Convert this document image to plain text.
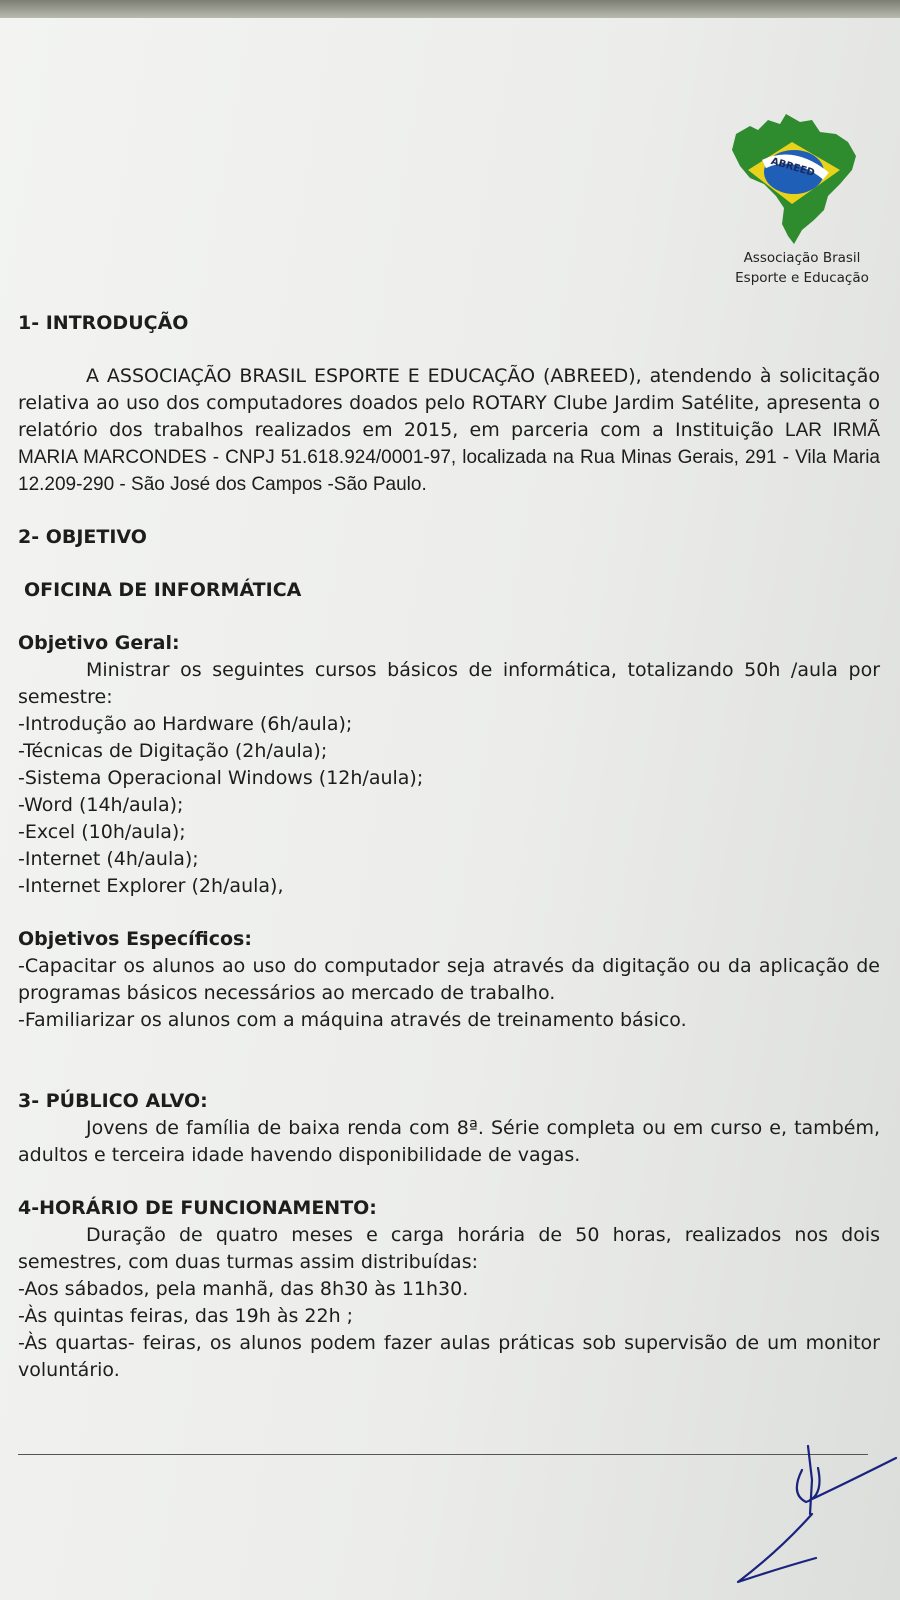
ABREED
Associação Brasil
Esporte e Educação
1- INTRODUÇÃO

A ASSOCIAÇÃO BRASIL ESPORTE E EDUCAÇÃO (ABREED), atendendo à solicitação relativa ao uso dos computadores doados pelo ROTARY Clube Jardim Satélite, apresenta o relatório dos trabalhos realizados em 2015, em parceria com a Instituição LAR IRMÃ MARIA MARCONDES - CNPJ 51.618.924/0001-97, localizada na Rua Minas Gerais, 291 - Vila Maria 12.209-290 - São José dos Campos -São Paulo.

2- OBJETIVO
OFICINA DE INFORMÁTICA
Objetivo Geral:

Ministrar os seguintes cursos básicos de informática, totalizando 50h /aula por semestre:

-Introdução ao Hardware (6h/aula);
-Técnicas de Digitação (2h/aula);
-Sistema Operacional Windows (12h/aula);
-Word (14h/aula);
-Excel (10h/aula);
-Internet (4h/aula);
-Internet Explorer (2h/aula),
Objetivos Específicos:
-Capacitar os alunos ao uso do computador seja através da digitação ou da aplicação de programas básicos necessários ao mercado de trabalho.
-Familiarizar os alunos com a máquina através de treinamento básico.
3- PÚBLICO ALVO:

Jovens de família de baixa renda com 8ª. Série completa ou em curso e, também, adultos e terceira idade havendo disponibilidade de vagas.

4-HORÁRIO DE FUNCIONAMENTO:

Duração de quatro meses e carga horária de 50 horas, realizados nos dois semestres, com duas turmas assim distribuídas:

-Aos sábados, pela manhã, das 8h30 às 11h30.
-Às quintas feiras, das 19h às 22h ;
-Às quartas- feiras, os alunos podem fazer aulas práticas sob supervisão de um monitor voluntário.
